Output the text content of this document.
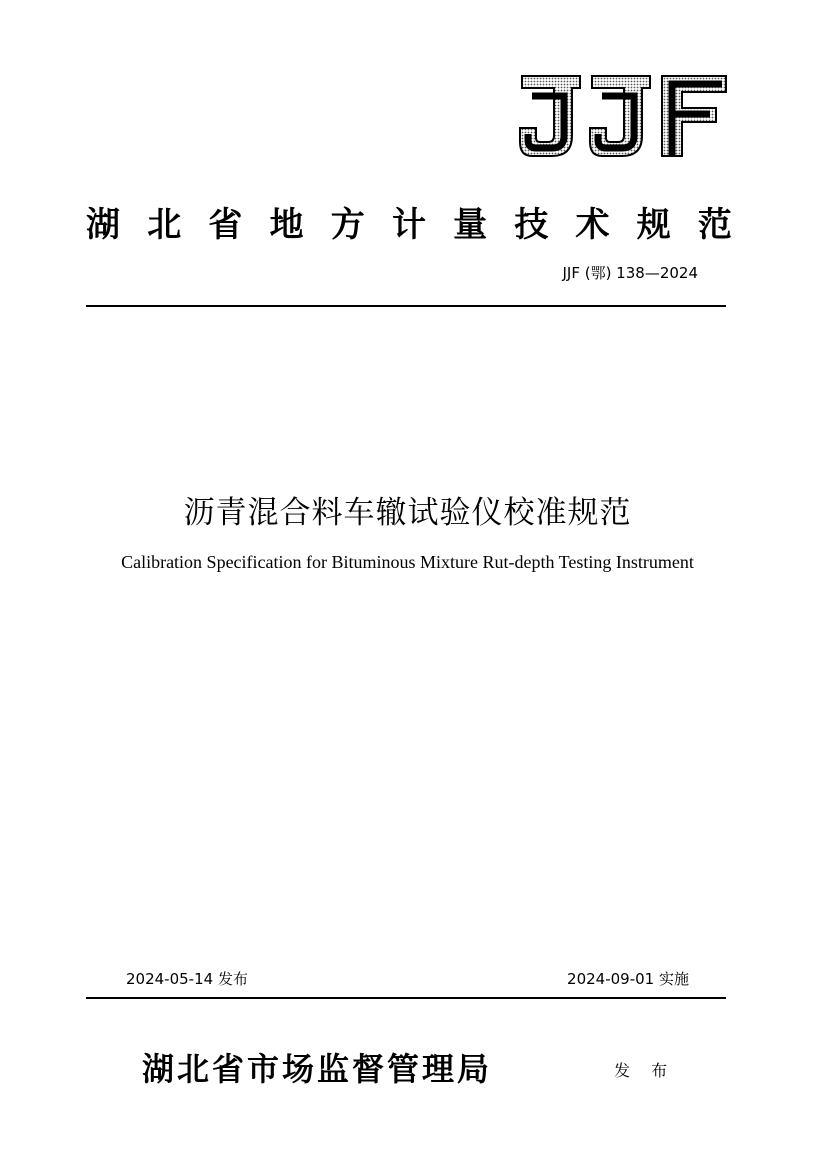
湖 北 省 地 方 计 量 技 术 规 范
JJF (鄂) 138—2024
沥青混合料车辙试验仪校准规范
Calibration Specification for Bituminous Mixture Rut-depth Testing Instrument
2024-05-14 发布	2024-09-01 实施
湖北省市场监督管理局	发 布
